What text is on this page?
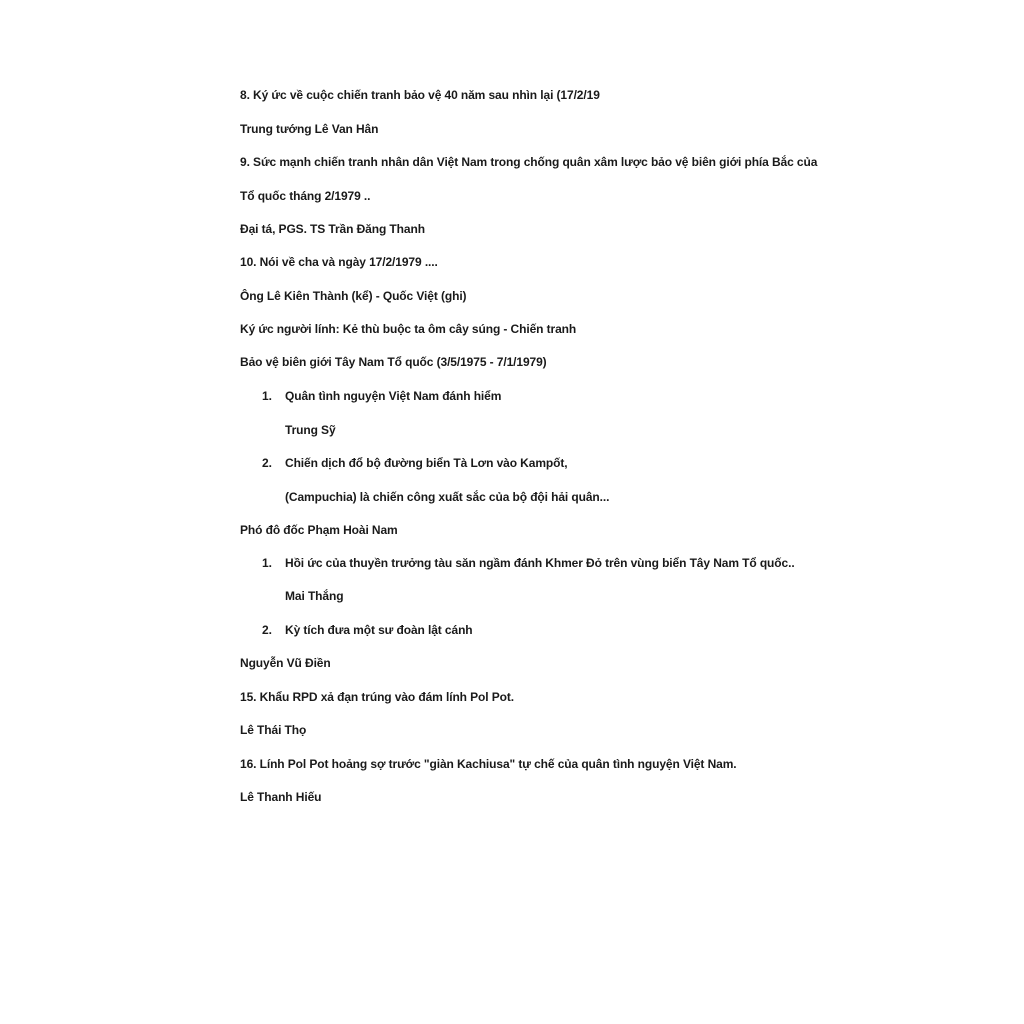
8. Ký ức về cuộc chiến tranh bảo vệ 40 năm sau nhìn lại (17/2/19
Trung tướng Lê Van Hân
9. Sức mạnh chiến tranh nhân dân Việt Nam trong chống quân xâm lược bảo vệ biên giới phía Bắc của
Tổ quốc tháng 2/1979 ..
Đại tá, PGS. TS Trần Đăng Thanh
10. Nói về cha và ngày 17/2/1979 ....
Ông Lê Kiên Thành (kể) - Quốc Việt (ghi)
Ký ức người lính: Kẻ thù buộc ta ôm cây súng - Chiến tranh
Bảo vệ biên giới Tây Nam Tổ quốc (3/5/1975 - 7/1/1979)
1. Quân tình nguyện Việt Nam đánh hiểm
Trung Sỹ
2. Chiến dịch đổ bộ đường biển Tà Lơn vào Kampốt,
(Campuchia) là chiến công xuất sắc của bộ đội hải quân...
Phó đô đốc Phạm Hoài Nam
1. Hồi ức của thuyền trưởng tàu săn ngầm đánh Khmer Đỏ trên vùng biển Tây Nam Tổ quốc..
Mai Thắng
2. Kỳ tích đưa một sư đoàn lật cánh
Nguyễn Vũ Điền
15. Khẩu RPD xả đạn trúng vào đám lính Pol Pot.
Lê Thái Thọ
16. Lính Pol Pot hoảng sợ trước "giàn Kachiusa" tự chế của quân tình nguyện Việt Nam.
Lê Thanh Hiếu
